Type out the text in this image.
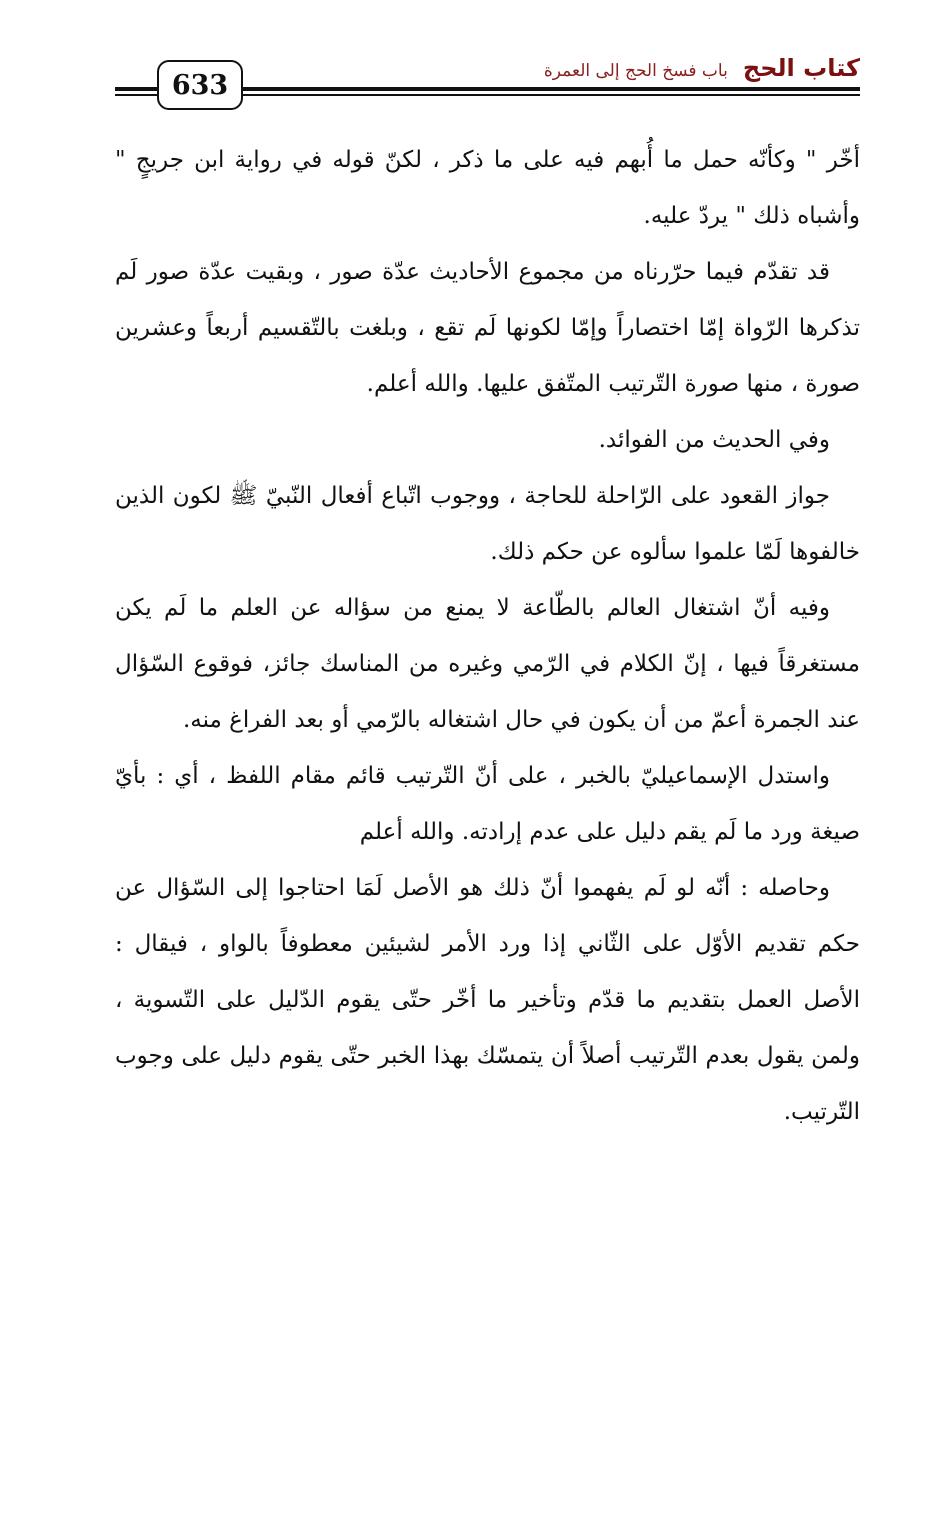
كتاب الحج باب فسخ الحج إلى العمرة
633

أخّر " وكأنّه حمل ما أُبهم فيه على ما ذكر ، لكنّ قوله في رواية ابن جريجٍ " وأشباه ذلك " يردّ عليه.

قد تقدّم فيما حرّرناه من مجموع الأحاديث عدّة صور ، وبقيت عدّة صور لَم تذكرها الرّواة إمّا اختصاراً وإمّا لكونها لَم تقع ، وبلغت بالتّقسيم أربعاً وعشرين صورة ، منها صورة التّرتيب المتّفق عليها. والله أعلم.

وفي الحديث من الفوائد.

جواز القعود على الرّاحلة للحاجة ، ووجوب اتّباع أفعال النّبيّ ﷺ لكون الذين خالفوها لَمّا علموا سألوه عن حكم ذلك.

وفيه أنّ اشتغال العالم بالطّاعة لا يمنع من سؤاله عن العلم ما لَم يكن مستغرقاً فيها ، إنّ الكلام في الرّمي وغيره من المناسك جائز، فوقوع السّؤال عند الجمرة أعمّ من أن يكون في حال اشتغاله بالرّمي أو بعد الفراغ منه.

واستدل الإسماعيليّ بالخبر ، على أنّ التّرتيب قائم مقام اللفظ ، أي : بأيّ صيغة ورد ما لَم يقم دليل على عدم إرادته. والله أعلم

وحاصله : أنّه لو لَم يفهموا أنّ ذلك هو الأصل لَمَا احتاجوا إلى السّؤال عن حكم تقديم الأوّل على الثّاني إذا ورد الأمر لشيئين معطوفاً بالواو ، فيقال : الأصل العمل بتقديم ما قدّم وتأخير ما أخّر حتّى يقوم الدّليل على التّسوية ، ولمن يقول بعدم التّرتيب أصلاً أن يتمسّك بهذا الخبر حتّى يقوم دليل على وجوب التّرتيب.
